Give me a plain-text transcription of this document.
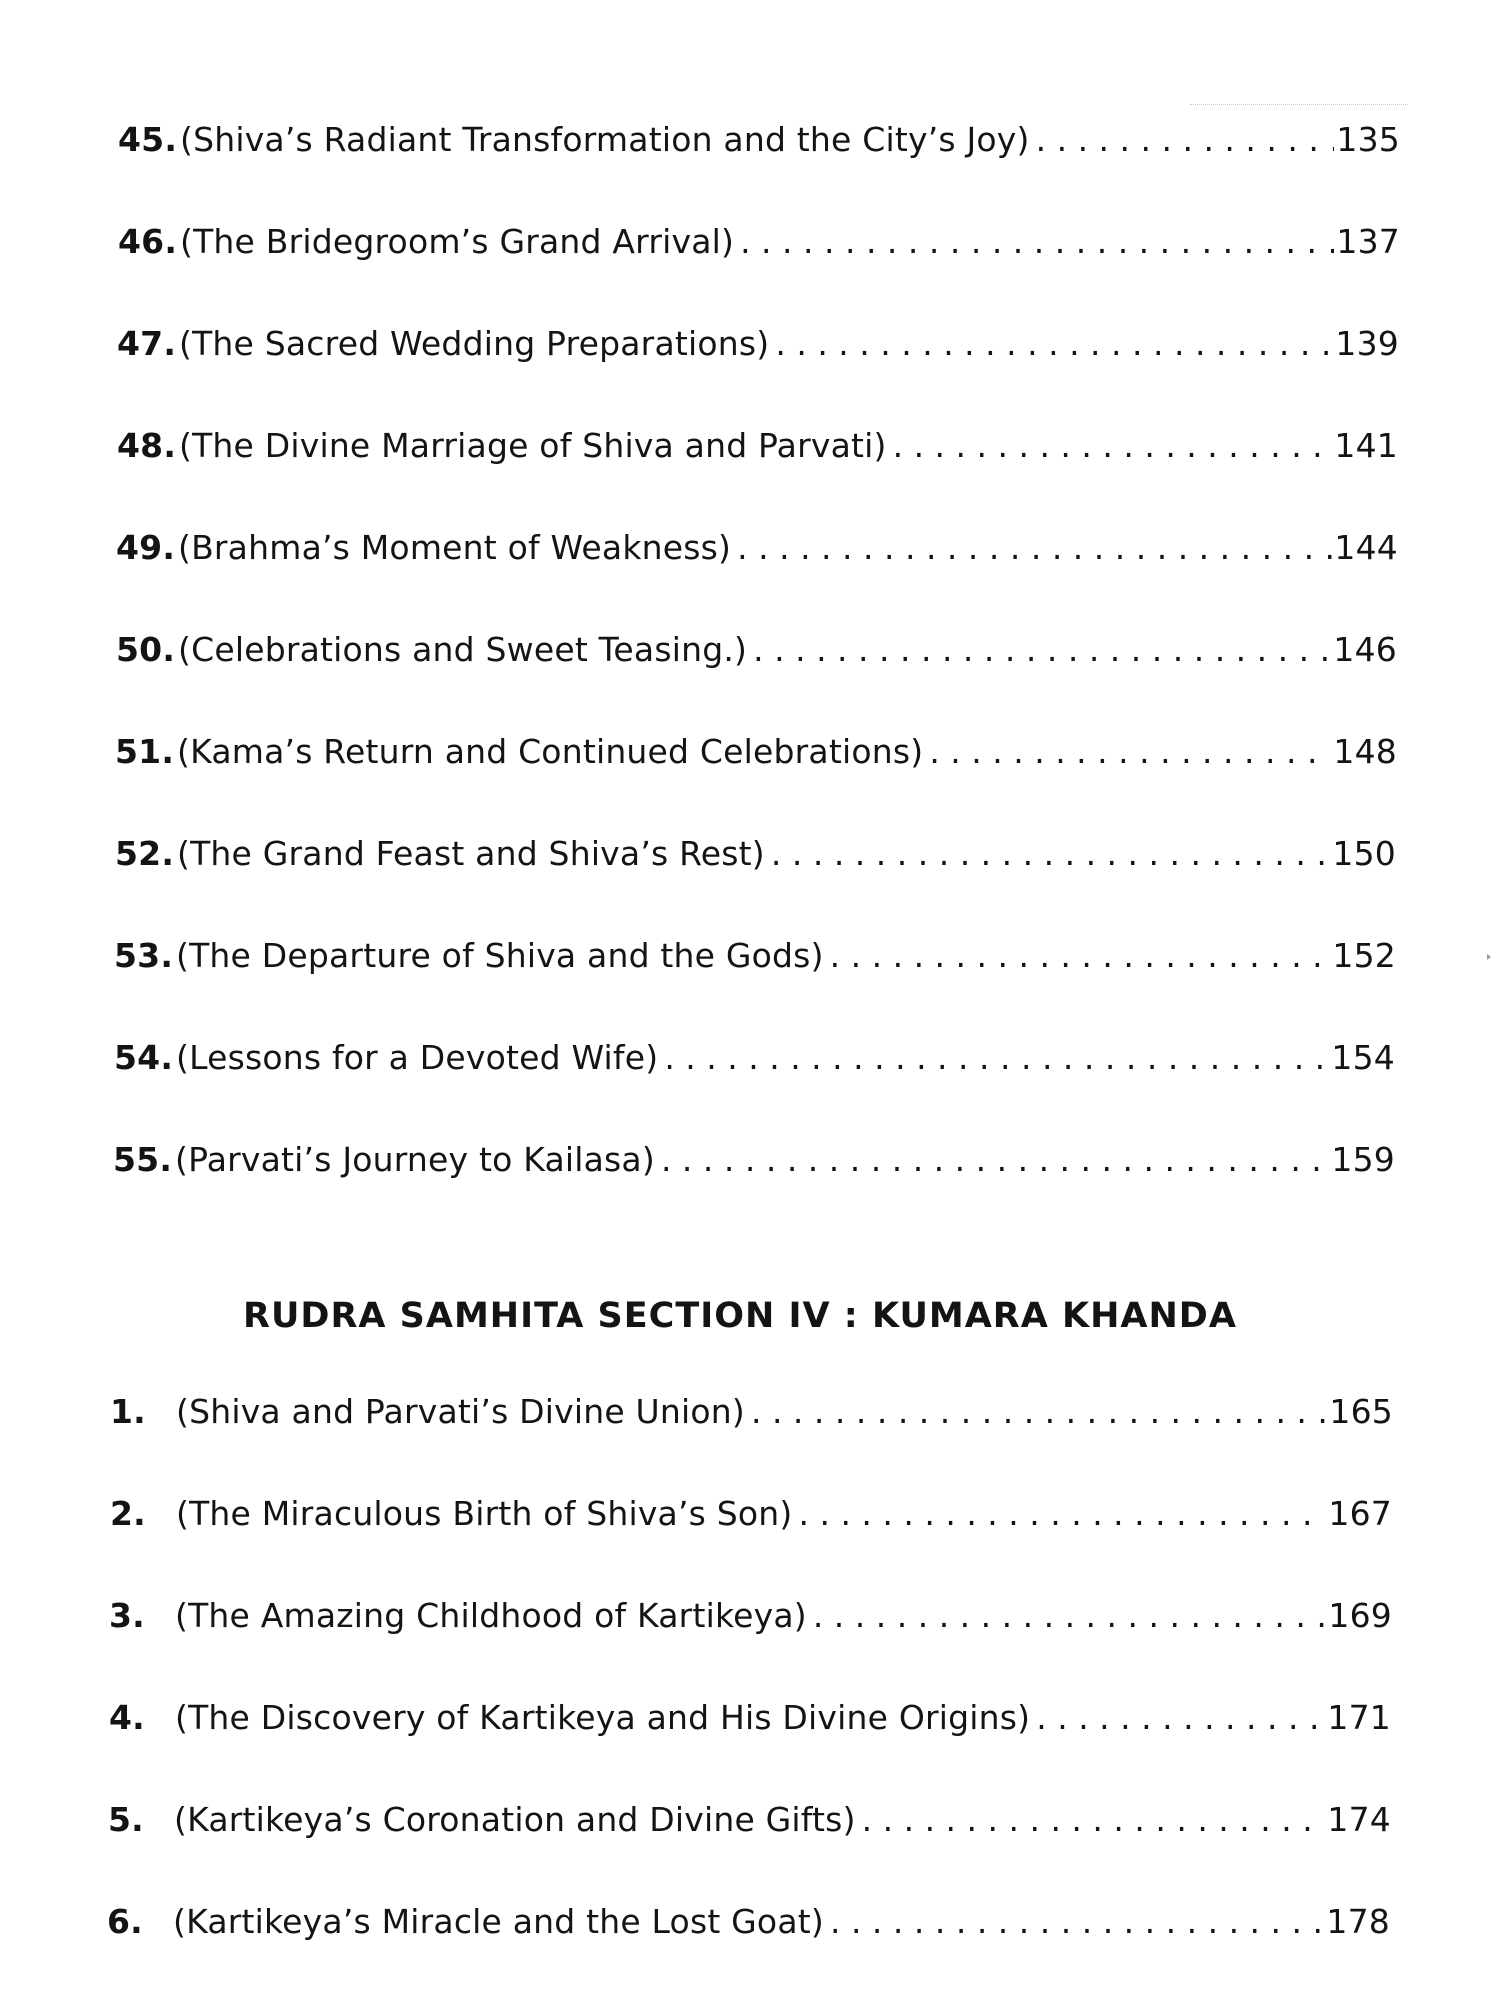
45. (Shiva’s Radiant Transformation and the City’s Joy) . . .	135
46. (The Bridegroom’s Grand Arrival) . . .	137
47. (The Sacred Wedding Preparations) . . .	139
48. (The Divine Marriage of Shiva and Parvati) . . .	141
49. (Brahma’s Moment of Weakness) . . .	144
50. (Celebrations and Sweet Teasing.) . . .	146
51. (Kama’s Return and Continued Celebrations) . . .	148
52. (The Grand Feast and Shiva’s Rest) . . .	150
53. (The Departure of Shiva and the Gods) . . .	152
54. (Lessons for a Devoted Wife) . . .	154
55. (Parvati’s Journey to Kailasa) . . .	159
RUDRA SAMHITA SECTION IV : KUMARA KHANDA
1. (Shiva and Parvati’s Divine Union) . . .	165
2. (The Miraculous Birth of Shiva’s Son) . . .	167
3. (The Amazing Childhood of Kartikeya) . . .	169
4. (The Discovery of Kartikeya and His Divine Origins) . . .	171
5. (Kartikeya’s Coronation and Divine Gifts) . . .	174
6. (Kartikeya’s Miracle and the Lost Goat) . . .	178
